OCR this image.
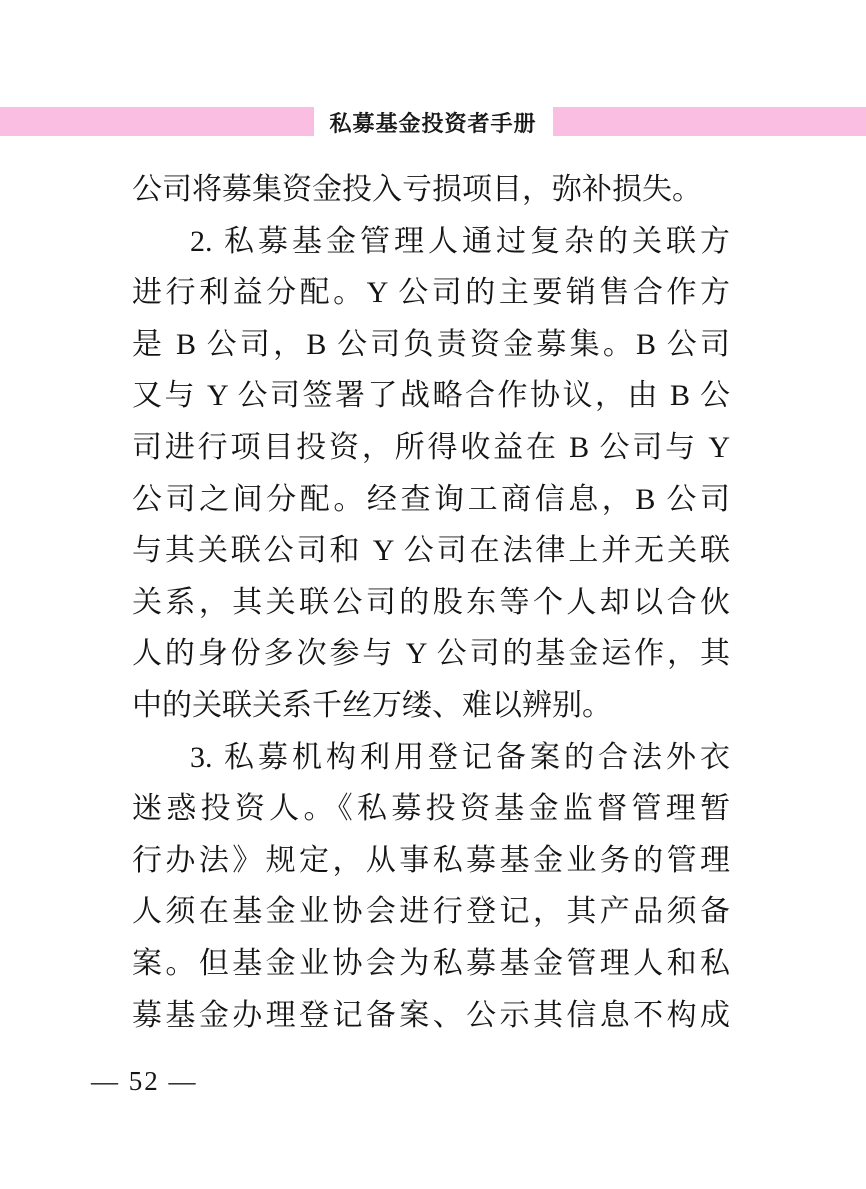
私募基金投资者手册
公司将募集资金投入亏损项目，弥补损失。
2. 私募基金管理人通过复杂的关联方
进行利益分配。Y 公司的主要销售合作方
是 B 公司，B 公司负责资金募集。B 公司
又与 Y 公司签署了战略合作协议，由 B 公
司进行项目投资，所得收益在 B 公司与 Y
公司之间分配。经查询工商信息，B 公司
与其关联公司和 Y 公司在法律上并无关联
关系，其关联公司的股东等个人却以合伙
人的身份多次参与 Y 公司的基金运作，其
中的关联关系千丝万缕、难以辨别。
3. 私募机构利用登记备案的合法外衣
迷惑投资人。《私募投资基金监督管理暂
行办法》规定，从事私募基金业务的管理
人须在基金业协会进行登记，其产品须备
案。但基金业协会为私募基金管理人和私
募基金办理登记备案、公示其信息不构成
— 52 —
